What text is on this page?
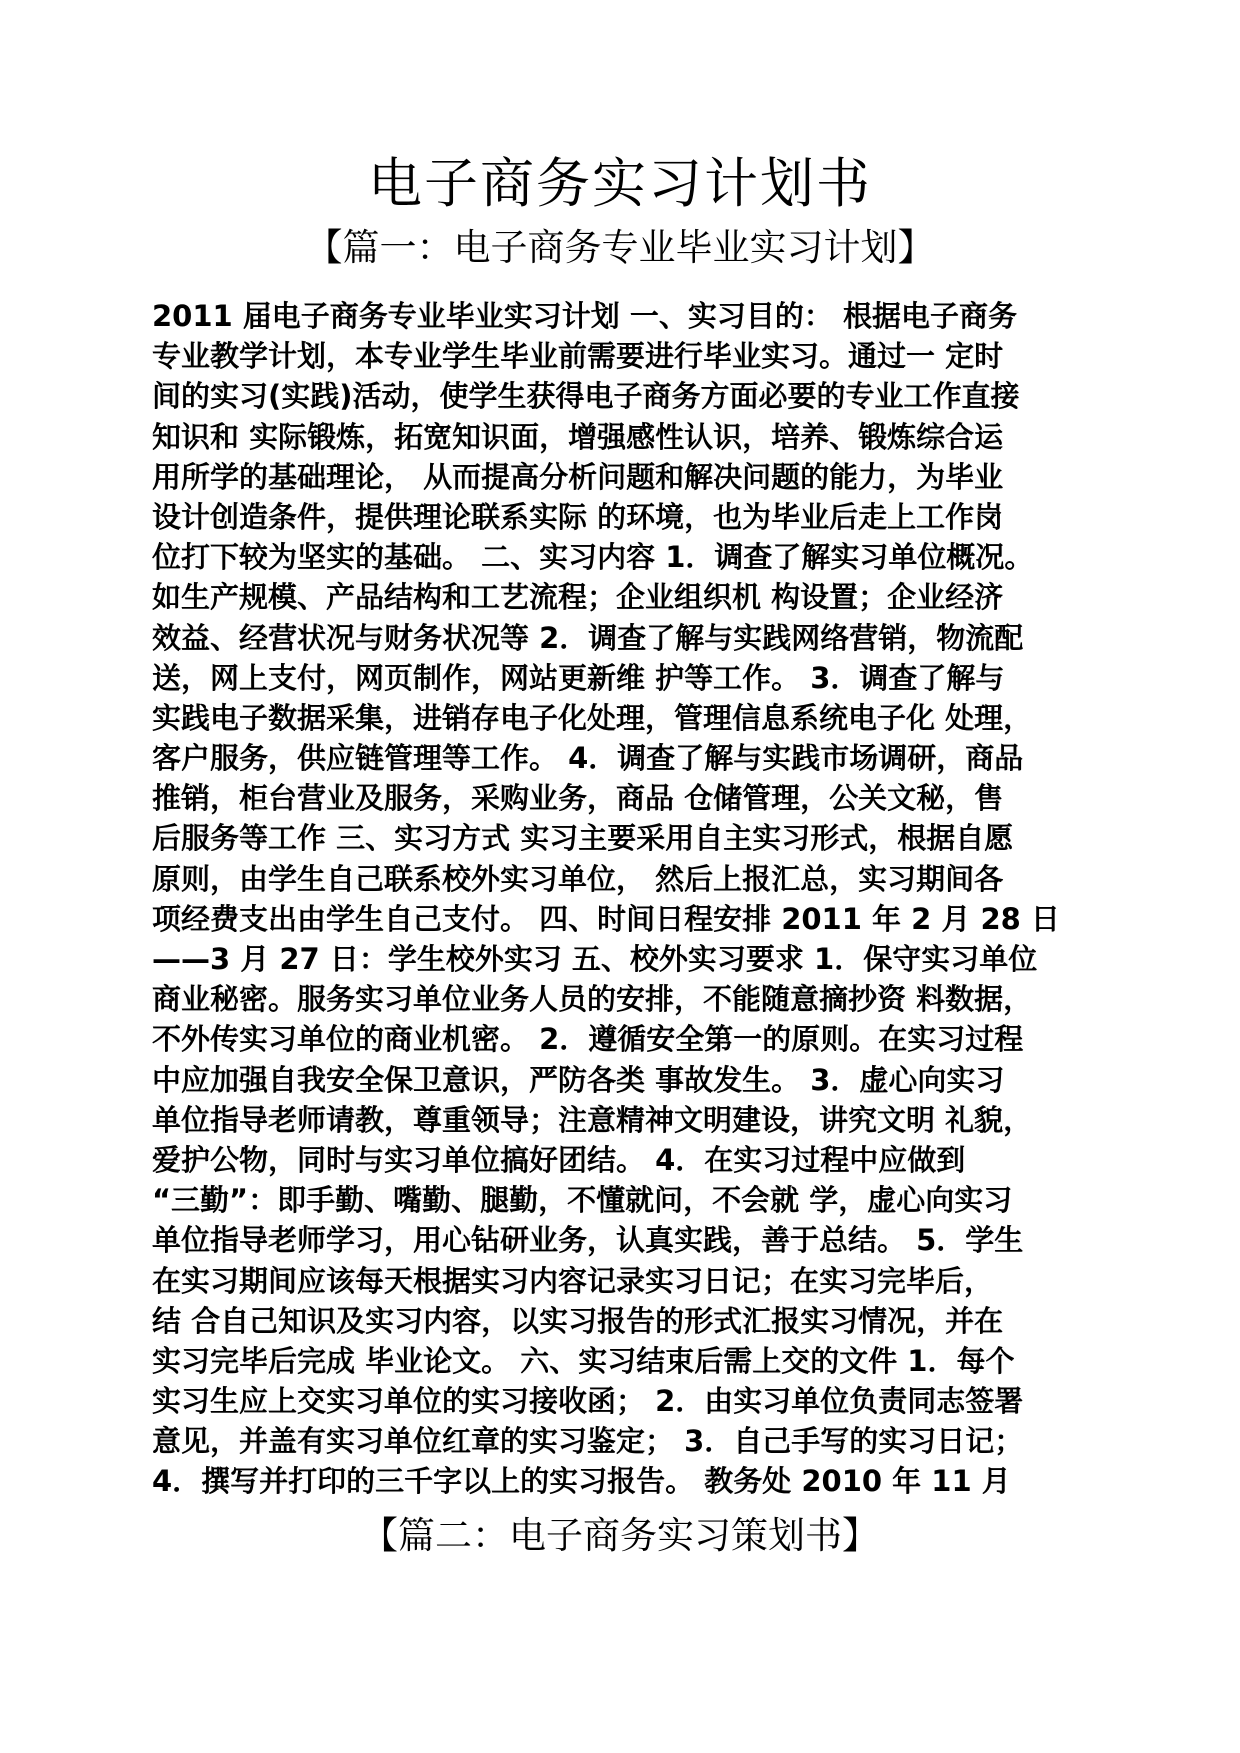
电子商务实习计划书
【篇一：电子商务专业毕业实习计划】
2011 届电子商务专业毕业实习计划 一、实习目的： 根据电子商务
专业教学计划，本专业学生毕业前需要进行毕业实习。通过一 定时
间的实习(实践)活动，使学生获得电子商务方面必要的专业工作直接
知识和 实际锻炼，拓宽知识面，增强感性认识，培养、锻炼综合运
用所学的基础理论， 从而提高分析问题和解决问题的能力，为毕业
设计创造条件，提供理论联系实际 的环境，也为毕业后走上工作岗
位打下较为坚实的基础。 二、实习内容 1．调查了解实习单位概况。
如生产规模、产品结构和工艺流程；企业组织机 构设置；企业经济
效益、经营状况与财务状况等 2．调查了解与实践网络营销，物流配
送，网上支付，网页制作，网站更新维 护等工作。 3．调查了解与
实践电子数据采集，进销存电子化处理，管理信息系统电子化 处理，
客户服务，供应链管理等工作。 4．调查了解与实践市场调研，商品
推销，柜台营业及服务，采购业务，商品 仓储管理，公关文秘，售
后服务等工作 三、实习方式 实习主要采用自主实习形式，根据自愿
原则，由学生自己联系校外实习单位， 然后上报汇总，实习期间各
项经费支出由学生自己支付。 四、时间日程安排 2011 年 2 月 28 日
——3 月 27 日：学生校外实习 五、校外实习要求 1．保守实习单位
商业秘密。服务实习单位业务人员的安排，不能随意摘抄资 料数据，
不外传实习单位的商业机密。 2．遵循安全第一的原则。在实习过程
中应加强自我安全保卫意识，严防各类 事故发生。 3．虚心向实习
单位指导老师请教，尊重领导；注意精神文明建设，讲究文明 礼貌，
爱护公物，同时与实习单位搞好团结。 4．在实习过程中应做到
“三勤”：即手勤、嘴勤、腿勤，不懂就问，不会就 学，虚心向实习
单位指导老师学习，用心钻研业务，认真实践，善于总结。 5．学生
在实习期间应该每天根据实习内容记录实习日记；在实习完毕后，
结 合自己知识及实习内容，以实习报告的形式汇报实习情况，并在
实习完毕后完成 毕业论文。 六、实习结束后需上交的文件 1．每个
实习生应上交实习单位的实习接收函； 2．由实习单位负责同志签署
意见，并盖有实习单位红章的实习鉴定； 3．自己手写的实习日记；
4．撰写并打印的三千字以上的实习报告。 教务处 2010 年 11 月
【篇二：电子商务实习策划书】
